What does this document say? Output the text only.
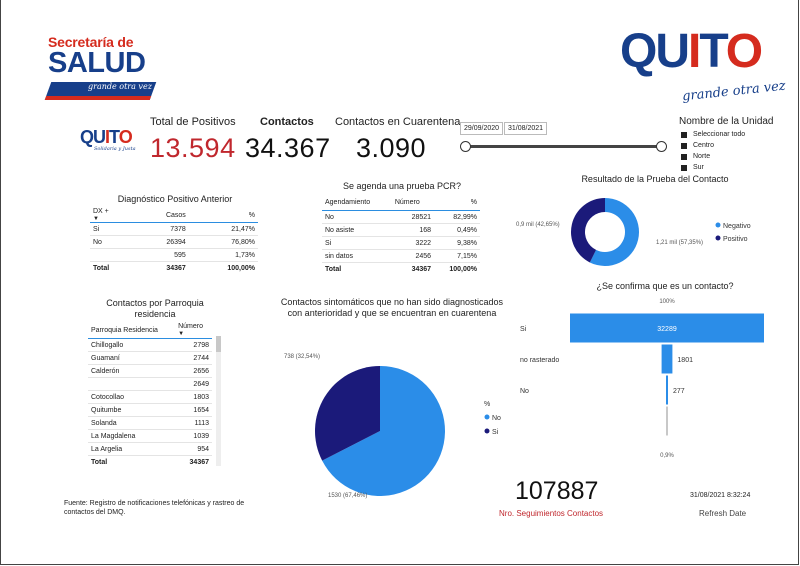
Secretaría de
SALUD
grande otra vez
QUITO
grande otra vez
QUITO
Solidaria y Justa
Total de Positivos
13.594
Contactos
34.367
Contactos en Cuarentena
3.090
29/09/2020	31/08/2021
Nombre de la Unidad
Seleccionar todo
Centro
Norte
Sur
Diagnóstico Positivo Anterior
DX +
▼	Casos	%
Si	7378	21,47%
No	26394	76,80%
	595	1,73%
Total	34367	100,00%
Se agenda una prueba PCR?
Agendamiento	Número	%
No	28521	82,99%
No asiste	168	0,49%
Si	3222	9,38%
sin datos	2456	7,15%
Total	34367	100,00%
Resultado de la Prueba del Contacto
1,21 mil (57,35%)
0,9 mil (42,65%)	Negativo
Positivo
Contactos por Parroquia
residencia
Parroquia Residencia	Número
▼
Chillogallo	2798
Guamaní	2744
Calderón	2656
	2649
Cotocollao	1803
Quitumbe	1654
Solanda	1113
La Magdalena	1039
La Argelia	954
Total	34367
Contactos sintomáticos que no han sido diagnosticados
con anterioridad y que se encuentran en cuarentena
738 (32,54%)
1530 (67,46%)
%
No
Si
¿Se confirma que es un contacto?
100%
Si	32289
no rasterado	1801
No	277
0,9%
107887
Nro. Seguimientos Contactos
31/08/2021 8:32:24
Refresh Date
Fuente: Registro de notificaciones telefónicas y rastreo de
contactos del DMQ.
